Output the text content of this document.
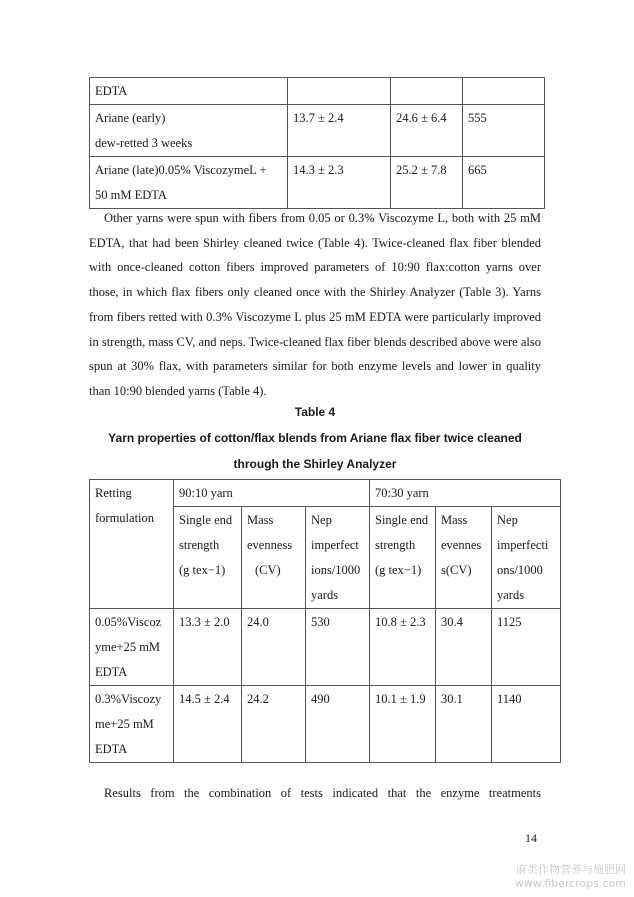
EDTA			

Ariane (early)
dew-retted 3 weeks	13.7 ± 2.4	24.6 ± 6.4	555

Ariane (late)0.05% ViscozymeL +
50 mM EDTA	14.3 ± 2.3	25.2 ± 7.8	665

Other yarns were spun with fibers from 0.05 or 0.3% Viscozyme L, both with 25 mM EDTA, that had been Shirley cleaned twice (Table 4). Twice-cleaned flax fiber blended with once-cleaned cotton fibers improved parameters of 10:90 flax:cotton yarns over those, in which flax fibers only cleaned once with the Shirley Analyzer (Table 3). Yarns from fibers retted with 0.3% Viscozyme L plus 25 mM EDTA were particularly improved in strength, mass CV, and neps. Twice-cleaned flax fiber blends described above were also spun at 30% flax, with parameters similar for both enzyme levels and lower in quality than 10:90 blended yarns (Table 4).

Table 4

Yarn properties of cotton/flax blends from Ariane flax fiber twice cleaned

through the Shirley Analyzer

Retting
formulation	90:10 yarn			70:30 yarn		

	Single end
strength
(g tex−1)	Mass
evenness
(CV)	Nep
imperfect
ions/1000
yards	Single end
strength
(g tex−1)	Mass
evennes
s(CV)	Nep
imperfecti
ons/1000
yards

0.05%Viscoz
yme+25 mM
EDTA	13.3 ± 2.0	24.0	530	10.8 ± 2.3	30.4	1125

0.3%Viscozy
me+25 mM
EDTA	14.5 ± 2.4	24.2	490	10.1 ± 1.9	30.1	1140

Results from the combination of tests indicated that the enzyme treatments

14
麻类作物营养与施肥网
www.fibercrops.com
